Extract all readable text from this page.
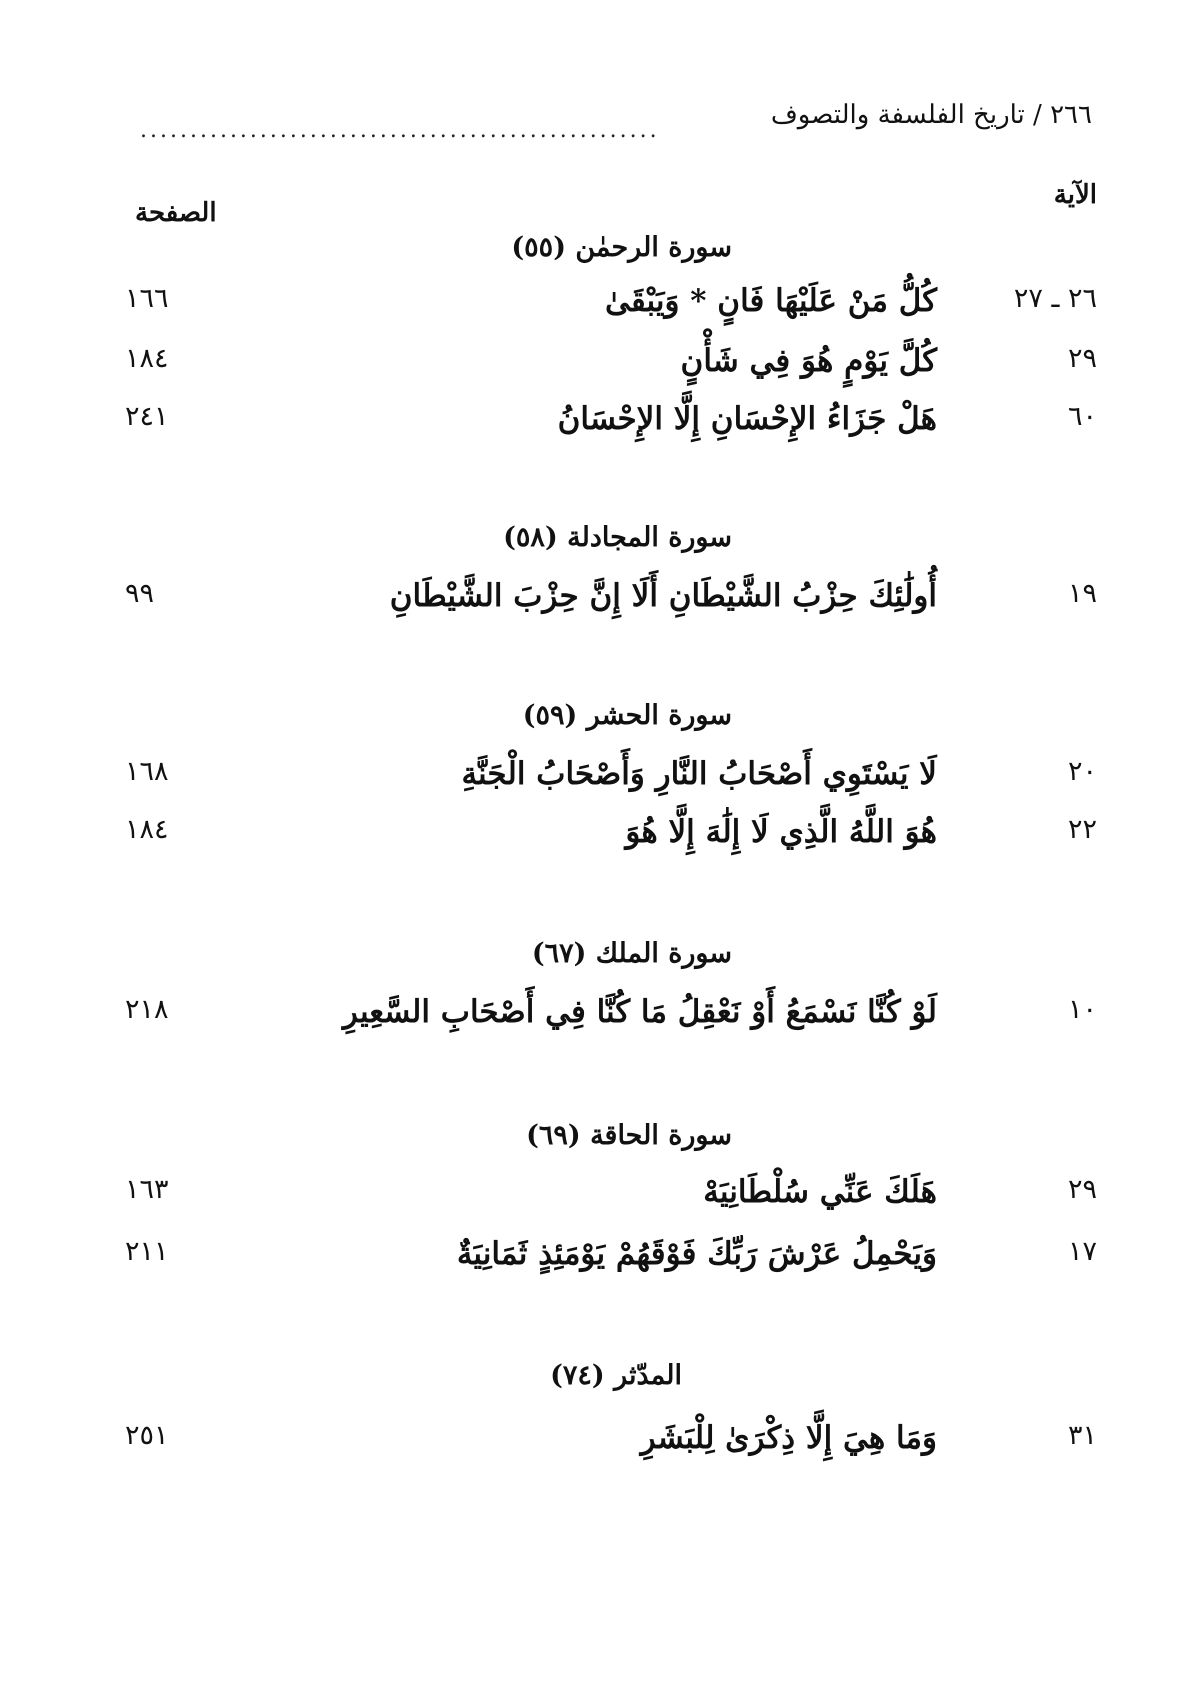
٢٦٦ / تاريخ الفلسفة والتصوف
....................................................
الآية
الصفحة
سورة الرحمٰن (٥٥)
٢٦ ـ ٢٧
كُلُّ مَنْ عَلَيْهَا فَانٍ * وَيَبْقَىٰ
١٦٦
٢٩
كُلَّ يَوْمٍ هُوَ فِي شَأْنٍ
١٨٤
٦٠
هَلْ جَزَاءُ الإِحْسَانِ إِلَّا الإِحْسَانُ
٢٤١
سورة المجادلة (٥٨)
١٩
أُولَٰئِكَ حِزْبُ الشَّيْطَانِ أَلَا إِنَّ حِزْبَ الشَّيْطَانِ
٩٩
سورة الحشر (٥٩)
٢٠
لَا يَسْتَوِي أَصْحَابُ النَّارِ وَأَصْحَابُ الْجَنَّةِ
١٦٨
٢٢
هُوَ اللَّهُ الَّذِي لَا إِلَٰهَ إِلَّا هُوَ
١٨٤
سورة الملك (٦٧)
١٠
لَوْ كُنَّا نَسْمَعُ أَوْ نَعْقِلُ مَا كُنَّا فِي أَصْحَابِ السَّعِيرِ
٢١٨
سورة الحاقة (٦٩)
٢٩
هَلَكَ عَنِّي سُلْطَانِيَهْ
١٦٣
١٧
وَيَحْمِلُ عَرْشَ رَبِّكَ فَوْقَهُمْ يَوْمَئِذٍ ثَمَانِيَةٌ
٢١١
المدّثر (٧٤)
٣١
وَمَا هِيَ إِلَّا ذِكْرَىٰ لِلْبَشَرِ
٢٥١
